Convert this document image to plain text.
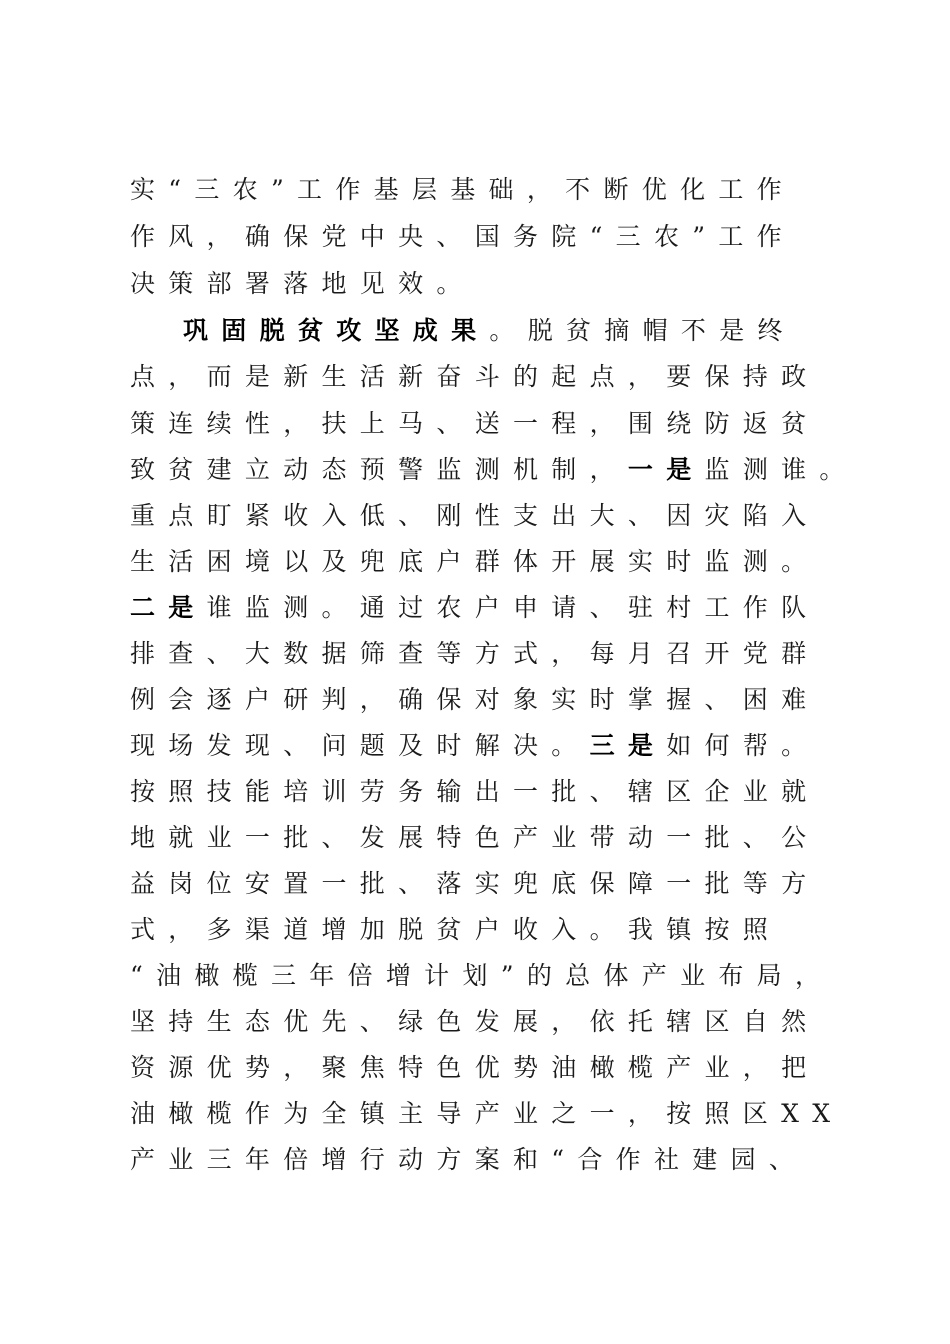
实“三农”工作基层基础，不断优化工作
作风，确保党中央、国务院“三农”工作
决策部署落地见效。
巩固脱贫攻坚成果。脱贫摘帽不是终
点，而是新生活新奋斗的起点，要保持政
策连续性，扶上马、送一程，围绕防返贫
致贫建立动态预警监测机制，一是监测谁。
重点盯紧收入低、刚性支出大、因灾陷入
生活困境以及兜底户群体开展实时监测。
二是谁监测。通过农户申请、驻村工作队
排查、大数据筛查等方式，每月召开党群
例会逐户研判，确保对象实时掌握、困难
现场发现、问题及时解决。三是如何帮。
按照技能培训劳务输出一批、辖区企业就
地就业一批、发展特色产业带动一批、公
益岗位安置一批、落实兜底保障一批等方
式，多渠道增加脱贫户收入。我镇按照
“油橄榄三年倍增计划”的总体产业布局，
坚持生态优先、绿色发展，依托辖区自然
资源优势，聚焦特色优势油橄榄产业，把
油橄榄作为全镇主导产业之一，按照区XX
产业三年倍增行动方案和“合作社建园、
